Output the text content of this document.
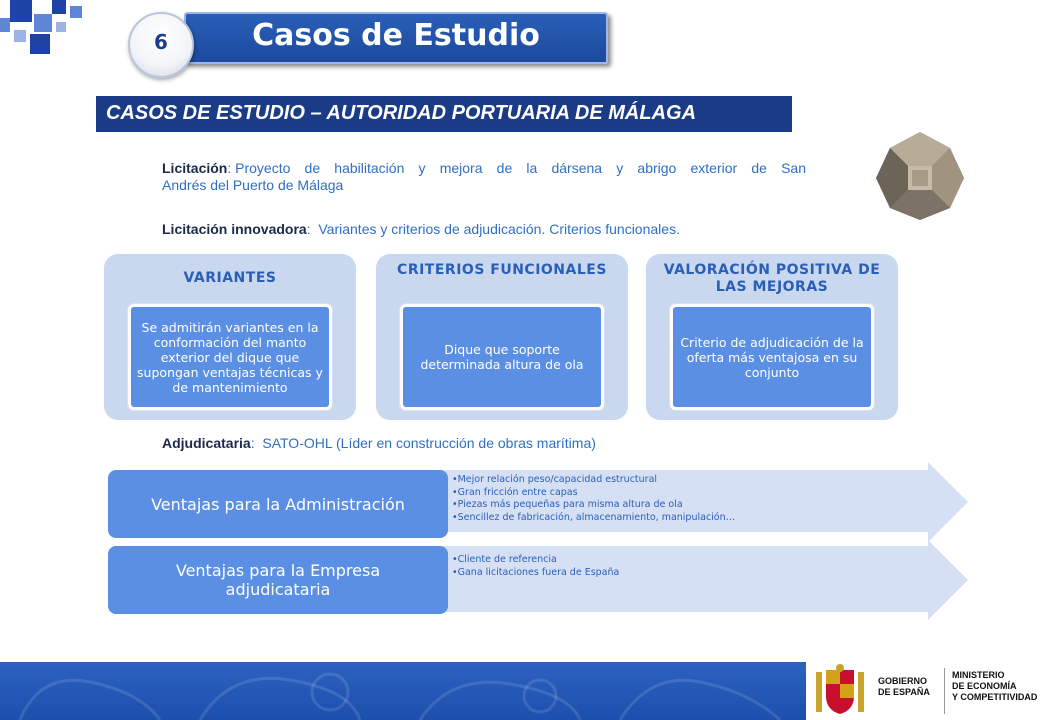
Casos de Estudio
6
CASOS DE ESTUDIO – AUTORIDAD PORTUARIA DE MÁLAGA
Licitación: Proyecto de habilitación y mejora de la dársena y abrigo exterior de San
Andrés del Puerto de Málaga
Licitación innovadora:  Variantes y criterios de adjudicación. Criterios funcionales.
VARIANTES
Se admitirán variantes en la conformación del manto exterior del dique que supongan ventajas técnicas y de mantenimiento
CRITERIOS FUNCIONALES
Dique que soporte determinada altura de ola
VALORACIÓN POSITIVA DE LAS MEJORAS
Criterio de adjudicación de la oferta más ventajosa en su conjunto
Adjudicataria:  SATO-OHL (Líder en construcción de obras marítima)
Ventajas para la Administración
• Mejor relación peso/capacidad estructural
• Gran fricción entre capas
• Piezas más pequeñas para misma altura de ola
• Sencillez de fabricación, almacenamiento, manipulación…
Ventajas para la Empresa adjudicataria
• Cliente de referencia
• Gana licitaciones fuera de España
GOBIERNO
DE ESPAÑA
MINISTERIO
DE ECONOMÍA
Y COMPETITIVIDAD
